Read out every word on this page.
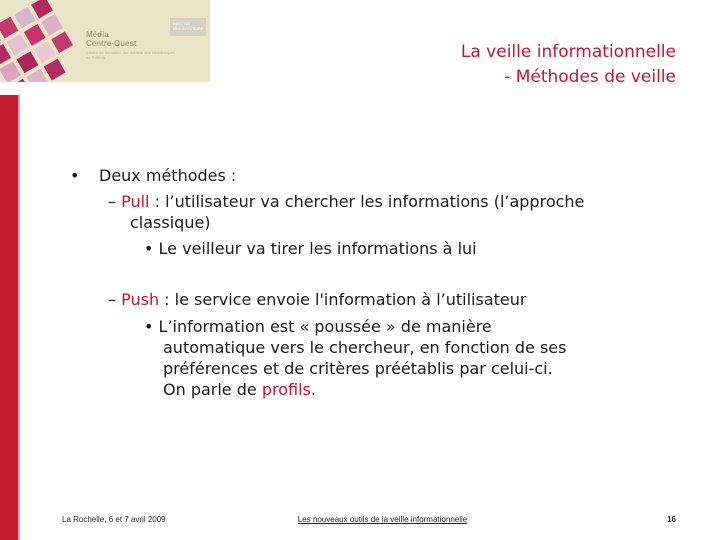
Média
Centre-Ouest
Centre de formation aux métiers des bibliothèques de Poitiers
INSTITUT UNIVERSITAIRE
La veille informationnelle
- Méthodes de veille
• Deux méthodes :
– Pull : l’utilisateur va chercher les informations (l’approche
classique)
• Le veilleur va tirer les informations à lui
– Push : le service envoie l'information à l’utilisateur
• L’information est « poussée » de manière
automatique vers le chercheur, en fonction de ses
préférences et de critères préétablis par celui-ci.
On parle de profils.
La Rochelle, 6 et 7 avril 2009	Les nouveaux outils de la veille informationnelle	16
